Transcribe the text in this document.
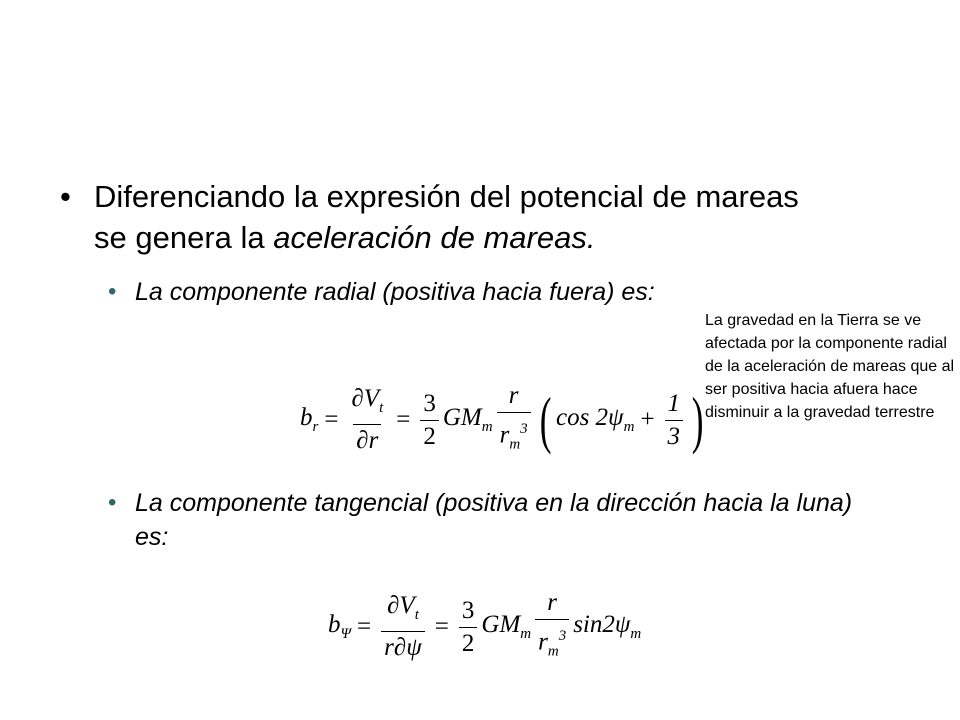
• Diferenciando la expresión del potencial de mareas se genera la aceleración de mareas.
• La componente radial (positiva hacia fuera) es:
La gravedad en la Tierra se ve afectada por la componente radial de la aceleración de mareas que al ser positiva hacia afuera hace disminuir a la gravedad terrestre
$b_r = \frac{\partial V_t}{\partial r} = \frac{3}{2} GM_m \frac{r}{r_m^3}$ ( $\cos 2\psi_m + \frac{1}{3}$ )
• La componente tangencial (positiva en la dirección hacia la luna) es:
$b_\Psi = \frac{\partial V_t}{r\partial\psi} = \frac{3}{2} GM_m \frac{r}{r_m^3} \sin 2\psi_m$
